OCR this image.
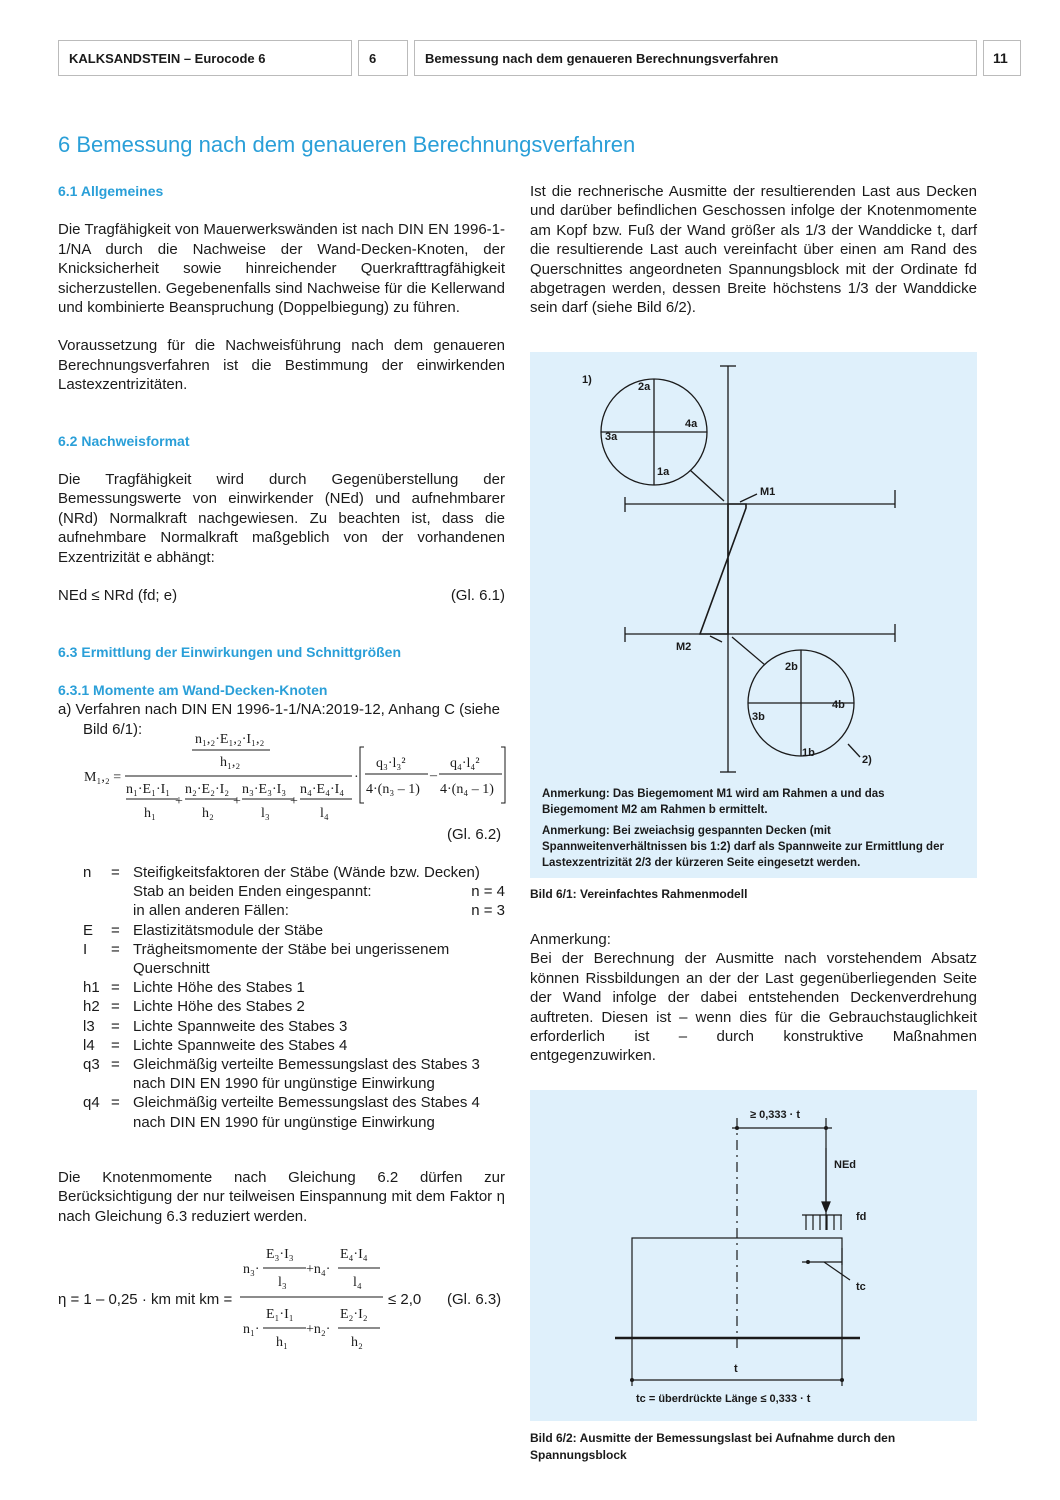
KALKSANDSTEIN – Eurocode 6	6	Bemessung nach dem genaueren Berechnungsverfahren	11
6 Bemessung nach dem genaueren Berechnungsverfahren
6.1 Allgemeines

Die Tragfähigkeit von Mauerwerkswänden ist nach DIN EN 1996-1-1/NA durch die Nachweise der Wand-Decken-Knoten, der Knicksicherheit sowie hinreichender Querkrafttragfähigkeit sicherzustellen. Gegebenenfalls sind Nachweise für die Kellerwand und kombinierte Beanspruchung (Doppelbiegung) zu führen.

Voraussetzung für die Nachweisführung nach dem genaueren Berechnungsverfahren ist die Bestimmung der einwirkenden Lastexzentrizitäten.

6.2 Nachweisformat

Die Tragfähigkeit wird durch Gegenüberstellung der Bemessungswerte von einwirkender (NEd) und aufnehmbarer (NRd) Normalkraft nachgewiesen. Zu beachten ist, dass die aufnehmbare Normalkraft maßgeblich von der vorhandenen Exzentrizität e abhängt:

NEd ≤ NRd (fd; e)	(Gl. 6.1)
6.3 Ermittlung der Einwirkungen und Schnittgrößen
6.3.1 Momente am Wand-Decken-Knoten

a) Verfahren nach DIN EN 1996-1-1/NA:2019-12, Anhang C (siehe Bild 6/1):

n₁,₂·E₁,₂·I₁,₂
h₁,₂
M₁,₂ =
n₁·E₁·I₁ n₂·E₂·I₂ n₃·E₃·I₃ n₄·E₄·I₄
+	+	+
h₁	h₂	l₃	l₄
·
q₃·l₃²
4·(n₃ – 1)
–
q₄·l₄²
4·(n₄ – 1)
(Gl. 6.2)
n	=	Steifigkeitsfaktoren der Stäbe (Wände bzw. Decken)	
		Stab an beiden Enden eingespannt:	n = 4
		in allen anderen Fällen:	n = 3
E	=	Elastizitätsmodule der Stäbe	
I	=	Trägheitsmomente der Stäbe bei ungerissenem Querschnitt	
h1	=	Lichte Höhe des Stabes 1	
h2	=	Lichte Höhe des Stabes 2	
l3	=	Lichte Spannweite des Stabes 3	
l4	=	Lichte Spannweite des Stabes 4	
q3	=	Gleichmäßig verteilte Bemessungslast des Stabes 3 nach DIN EN 1990 für ungünstige Einwirkung	
q4	=	Gleichmäßig verteilte Bemessungslast des Stabes 4 nach DIN EN 1990 für ungünstige Einwirkung	

Die Knotenmomente nach Gleichung 6.2 dürfen zur Berücksichtigung der nur teilweisen Einspannung mit dem Faktor η nach Gleichung 6.3 reduziert werden.

η = 1 – 0,25 · km mit km =
E₃·I₃	E₄·I₄
n₃·	+n₄·
l₃	l₄
E₁·I₁	E₂·I₂
n₁·	+n₂·
h₁	h₂
≤ 2,0 (Gl. 6.3)

Ist die rechnerische Ausmitte der resultierenden Last aus Decken und darüber befindlichen Geschossen infolge der Knotenmomente am Kopf bzw. Fuß der Wand größer als 1/3 der Wanddicke t, darf die resultierende Last auch vereinfacht über einen am Rand des Querschnittes angeordneten Spannungsblock mit der Ordinate fd abgetragen werden, dessen Breite höchstens 1/3 der Wanddicke sein darf (siehe Bild 6/2).

1)
2a
3a
4a
1a
M1
M2
2b
3b
4b
1b
2)

Anmerkung: Das Biegemoment M1 wird am Rahmen a und das Biegemoment M2 am Rahmen b ermittelt.

Anmerkung: Bei zweiachsig gespannten Decken (mit Spannweitenverhältnissen bis 1:2) darf als Spannweite zur Ermittlung der Lastexzentrizität 2/3 der kürzeren Seite eingesetzt werden.

Bild 6/1: Vereinfachtes Rahmenmodell

Anmerkung:

Bei der Berechnung der Ausmitte nach vorstehendem Absatz können Rissbildungen an der der Last gegenüberliegenden Seite der Wand infolge der dabei entstehenden Deckenverdrehung auftreten. Diesen ist – wenn dies für die Gebrauchstauglichkeit erforderlich ist – durch konstruktive Maßnahmen entgegenzuwirken.

≥ 0,333 · t
NEd
fd
tc
t
tc = überdrückte Länge ≤ 0,333 · t
Bild 6/2: Ausmitte der Bemessungslast bei Aufnahme durch den Spannungsblock
